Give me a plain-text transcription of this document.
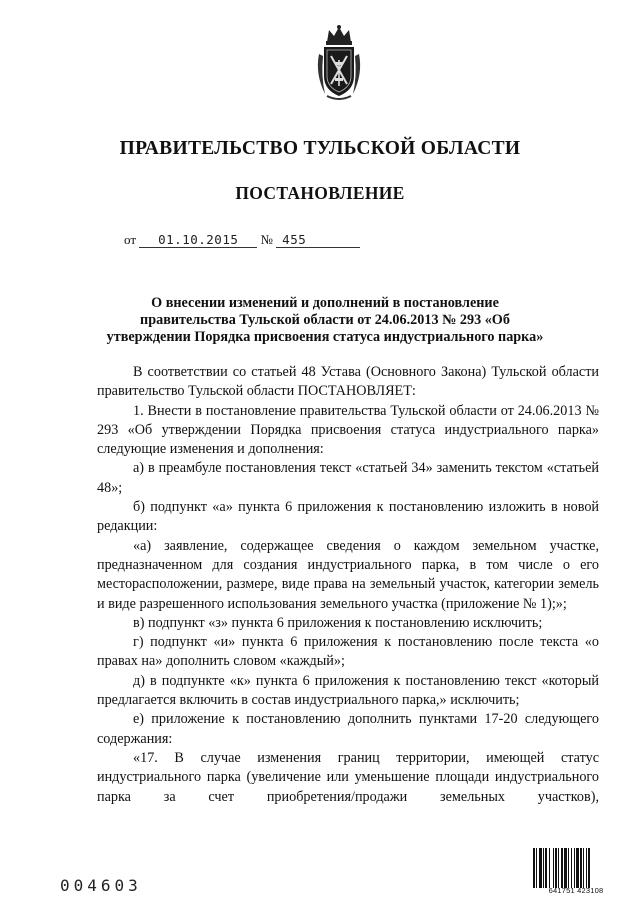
ПРАВИТЕЛЬСТВО ТУЛЬСКОЙ ОБЛАСТИ
ПОСТАНОВЛЕНИЕ
от 01.10.2015 № 455
О внесении изменений и дополнений в постановление правительства Тульской области от 24.06.2013 № 293 «Об утверждении Порядка присвоения статуса индустриального парка»

В соответствии со статьей 48 Устава (Основного Закона) Тульской области правительство Тульской области ПОСТАНОВЛЯЕТ:

1. Внести в постановление правительства Тульской области от 24.06.2013 № 293 «Об утверждении Порядка присвоения статуса индустриального парка» следующие изменения и дополнения:

а) в преамбуле постановления текст «статьей 34» заменить текстом «статьей 48»;

б) подпункт «а» пункта 6 приложения к постановлению изложить в новой редакции:

«а) заявление, содержащее сведения о каждом земельном участке, предназначенном для создания индустриального парка, в том числе о его месторасположении, размере, виде права на земельный участок, категории земель и виде разрешенного использования земельного участка (приложение № 1);»;

в) подпункт «з» пункта 6 приложения к постановлению исключить;

г) подпункт «и» пункта 6 приложения к постановлению после текста «о правах на» дополнить словом «каждый»;

д) в подпункте «к» пункта 6 приложения к постановлению текст «который предлагается включить в состав индустриального парка,» исключить;

е) приложение к постановлению дополнить пунктами 17-20 следующего содержания:

«17. В случае изменения границ территории, имеющей статус индустриального парка (увеличение или уменьшение площади индустриального парка за счет приобретения/продажи земельных участков),

004603	641751 423108
